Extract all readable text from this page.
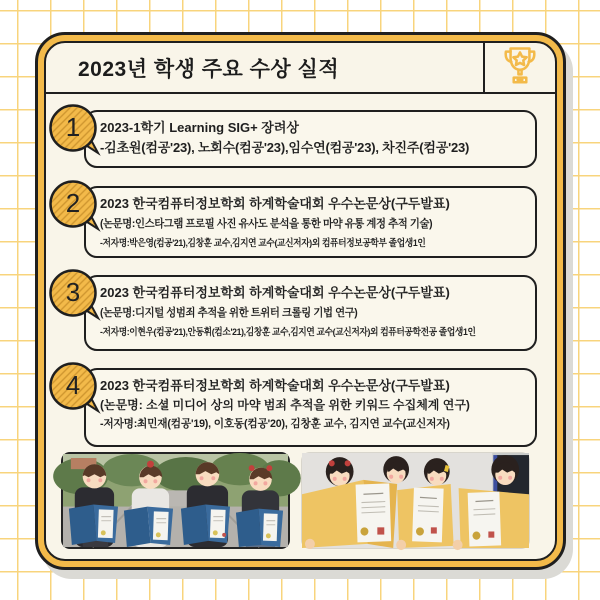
2023년 학생 주요 수상 실적
1	2023-1학기 Learning SIG+ 장려상
-김초원(컴공'23), 노회수(컴공'23),임수연(컴공'23), 차진주(컴공'23)
2	2023 한국컴퓨터정보학회 하계학술대회 우수논문상(구두발표)
(논문명:인스타그램 프로필 사진 유사도 분석을 통한 마약 유통 계정 추적 기술)
-저자명:박은영(컴공'21),김창훈 교수,김지연 교수(교신저자)외 컴퓨터정보공학부 졸업생1인
3	2023 한국컴퓨터정보학회 하계학술대회 우수논문상(구두발표)
(논문명:디지털 성범죄 추적을 위한 트위터 크롤링 기법 연구)
-저자명:이현우(컴공'21),안동휘(컴소'21),김창훈 교수,김지연 교수(교신저자)외 컴퓨터공학전공 졸업생1인
4	2023 한국컴퓨터정보학회 하계학술대회 우수논문상(구두발표)
(논문명: 소셜 미디어 상의 마약 범죄 추적을 위한 키워드 수집체계 연구)
-저자명:최민재(컴공'19), 이호동(컴공'20), 김창훈 교수, 김지연 교수(교신저자)
